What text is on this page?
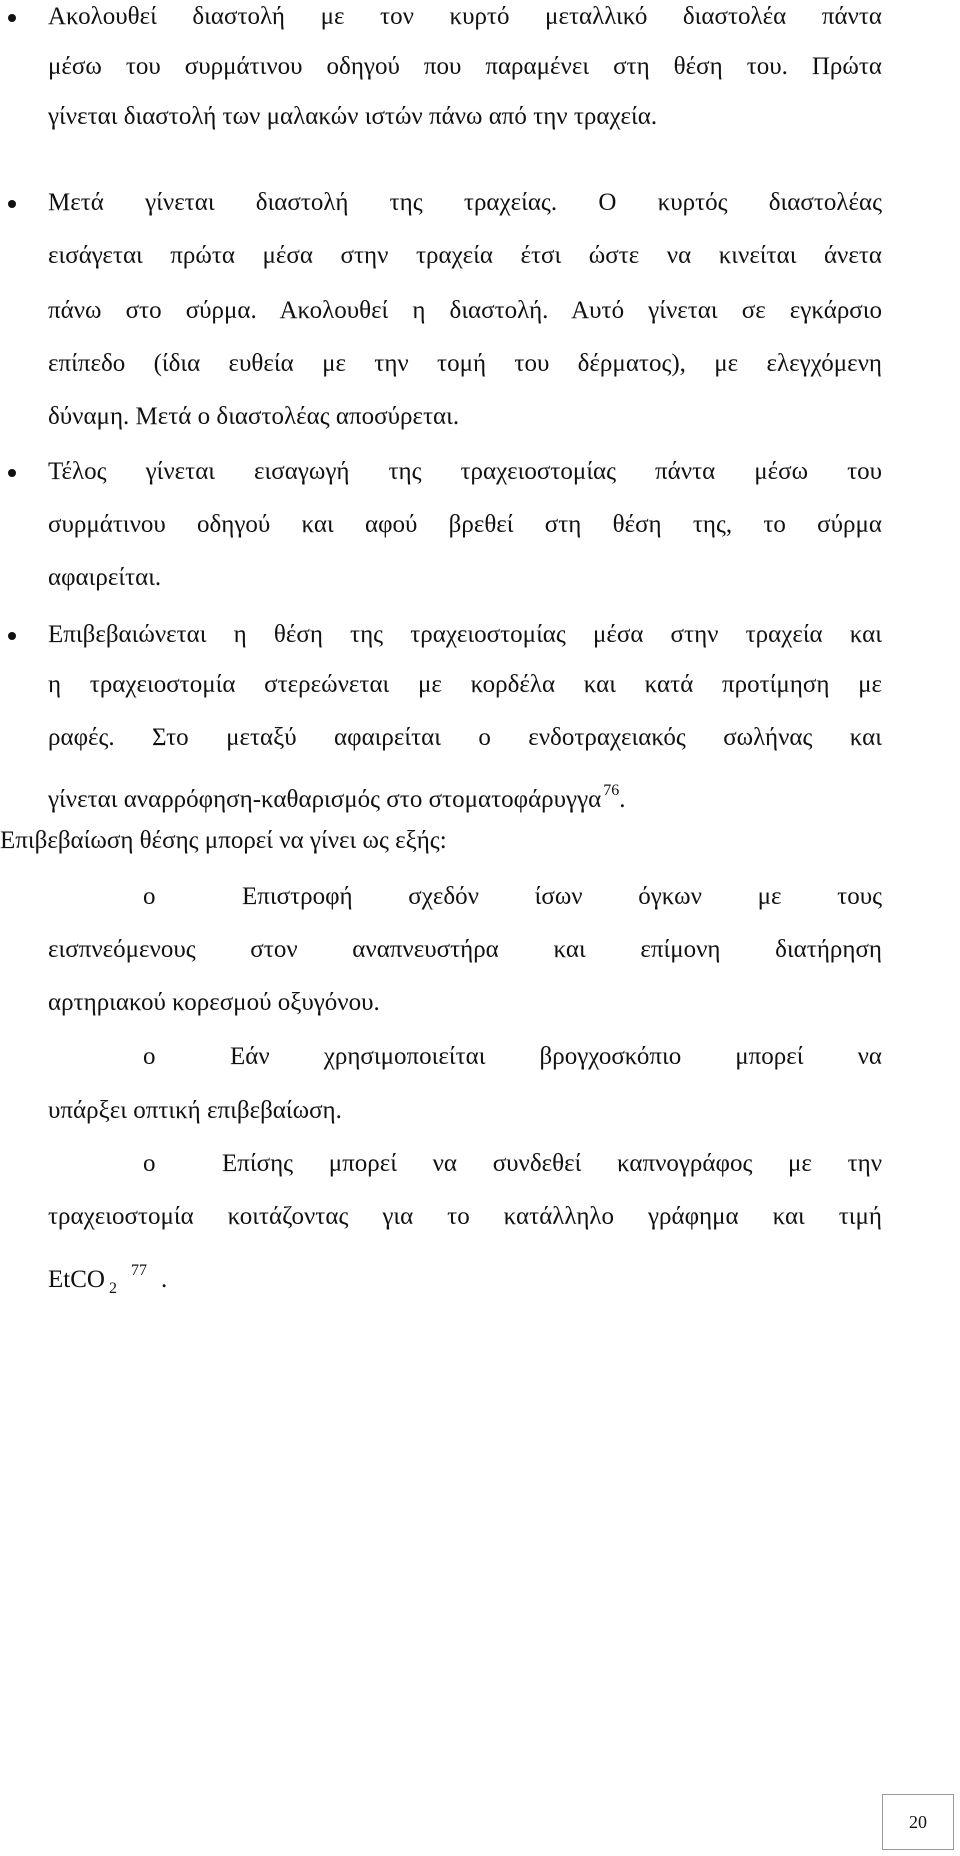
Ακολουθεί διαστολή με τον κυρτό μεταλλικό διαστολέα πάντα
μέσω του συρμάτινου οδηγού που παραμένει στη θέση του. Πρώτα
γίνεται διαστολή των μαλακών ιστών πάνω από την τραχεία.
Μετά γίνεται διαστολή της τραχείας. Ο κυρτός διαστολέας
εισάγεται πρώτα μέσα στην τραχεία έτσι ώστε να κινείται άνετα
πάνω στο σύρμα. Ακολουθεί η διαστολή. Αυτό γίνεται σε εγκάρσιο
επίπεδο (ίδια ευθεία με την τομή του δέρματος), με ελεγχόμενη
δύναμη. Μετά ο διαστολέας αποσύρεται.
Τέλος γίνεται εισαγωγή της τραχειοστομίας πάντα μέσω του
συρμάτινου οδηγού και αφού βρεθεί στη θέση της, το σύρμα
αφαιρείται.
Επιβεβαιώνεται η θέση της τραχειοστομίας μέσα στην τραχεία και
η τραχειοστομία στερεώνεται με κορδέλα και κατά προτίμηση με
ραφές. Στο μεταξύ αφαιρείται ο ενδοτραχειακός σωλήνας και
γίνεται αναρρόφηση-καθαρισμός στο στοματοφάρυγγα $^{76}$.
Επιβεβαίωση θέσης μπορεί να γίνει ως εξής:
ο	Επιστροφή σχεδόν ίσων όγκων με τους
εισπνεόμενους στον αναπνευστήρα και επίμονη διατήρηση
αρτηριακού κορεσμού οξυγόνου.
ο	Εάν χρησιμοποιείται βρογχοσκόπιο μπορεί να
υπάρξει οπτική επιβεβαίωση.
ο	Επίσης μπορεί να συνδεθεί καπνογράφος με την
τραχειοστομία κοιτάζοντας για το κατάλληλο γράφημα και τιμή
EtCO $_2^{77}$ .
20
